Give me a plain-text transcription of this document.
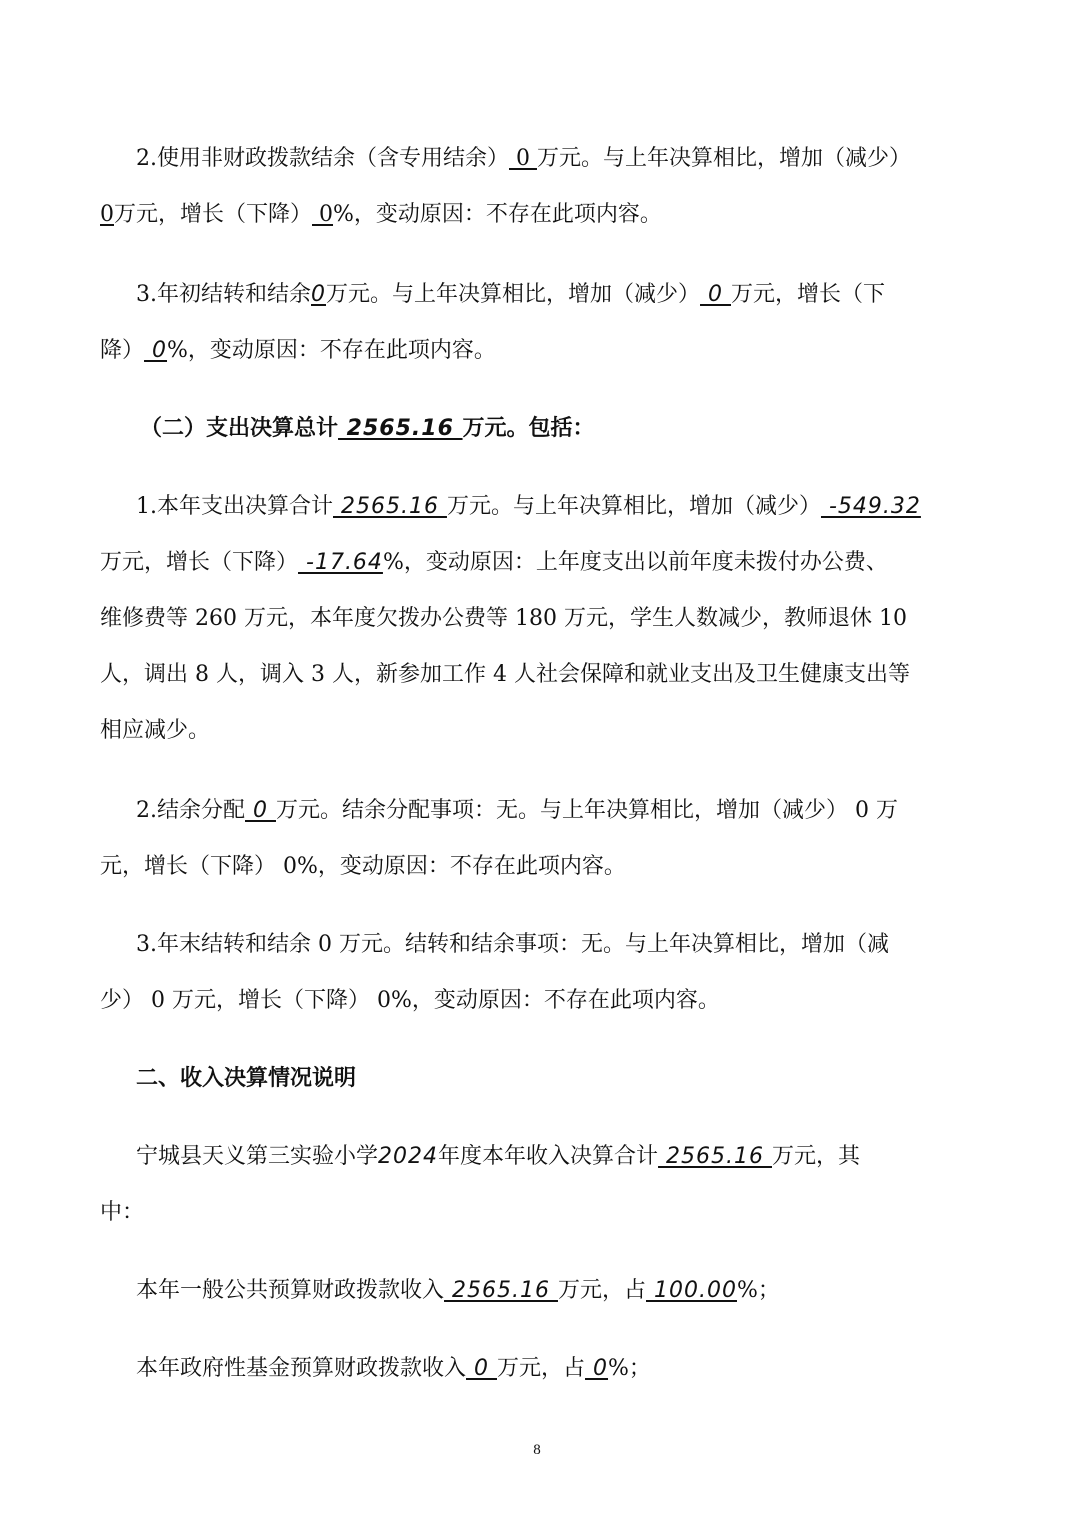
2.使用非财政拨款结余（含专用结余） 0 万元。与上年决算相比，增加（减少）
0万元，增长（下降） 0%，变动原因：不存在此项内容。
3.年初结转和结余0万元。与上年决算相比，增加（减少） 0 万元，增长（下
降） 0%，变动原因：不存在此项内容。
（二）支出决算总计 2565.16 万元。包括：
1.本年支出决算合计 2565.16 万元。与上年决算相比，增加（减少） -549.32
万元，增长（下降） -17.64%，变动原因：上年度支出以前年度未拨付办公费、
维修费等 260 万元，本年度欠拨办公费等 180 万元，学生人数减少，教师退休 10
人，调出 8 人，调入 3 人，新参加工作 4 人社会保障和就业支出及卫生健康支出等
相应减少。
2.结余分配 0 万元。结余分配事项：无。与上年决算相比，增加（减少） 0 万
元，增长（下降） 0%，变动原因：不存在此项内容。
3.年末结转和结余 0 万元。结转和结余事项：无。与上年决算相比，增加（减
少） 0 万元，增长（下降） 0%，变动原因：不存在此项内容。
二、收入决算情况说明
宁城县天义第三实验小学2024年度本年收入决算合计 2565.16 万元，其
中：
本年一般公共预算财政拨款收入 2565.16 万元，占 100.00%；
本年政府性基金预算财政拨款收入 0 万元，占 0%；
8
